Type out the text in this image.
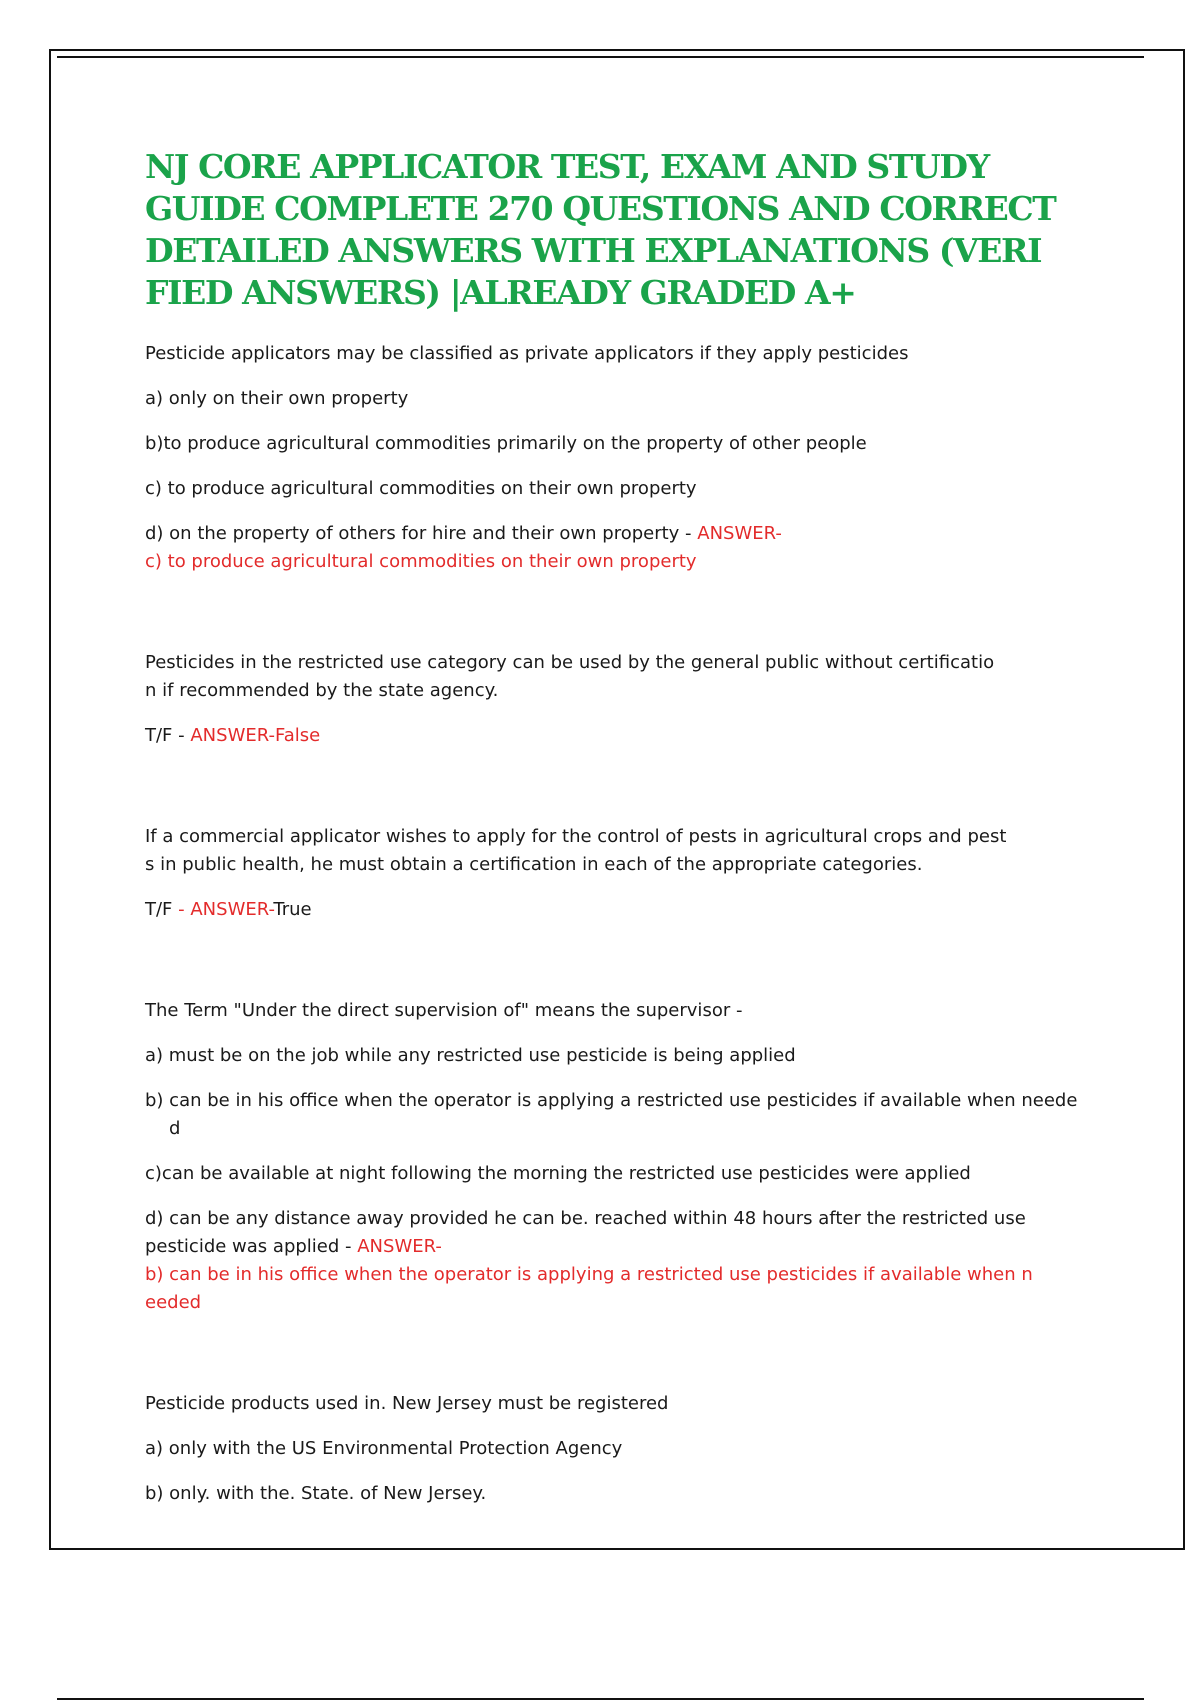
NJ CORE APPLICATOR TEST, EXAM AND STUDY
GUIDE COMPLETE 270 QUESTIONS AND CORRECT
DETAILED ANSWERS WITH EXPLANATIONS (VERI
FIED ANSWERS) |ALREADY GRADED A+

Pesticide applicators may be classified as private applicators if they apply pesticides

a) only on their own property

b)to produce agricultural commodities primarily on the property of other people

c) to produce agricultural commodities on their own property

d) on the property of others for hire and their own property - ANSWER-

c) to produce agricultural commodities on their own property

Pesticides in the restricted use category can be used by the general public without certificatio

n if recommended by the state agency.

T/F - ANSWER-False

If a commercial applicator wishes to apply for the control of pests in agricultural crops and pest

s in public health, he must obtain a certification in each of the appropriate categories.

T/F - ANSWER-True

The Term "Under the direct supervision of" means the supervisor -

a) must be on the job while any restricted use pesticide is being applied

b) can be in his office when the operator is applying a restricted use pesticides if available when neede

d

c)can be available at night following the morning the restricted use pesticides were applied

d) can be any distance away provided he can be. reached within 48 hours after the restricted use

pesticide was applied - ANSWER-

b) can be in his office when the operator is applying a restricted use pesticides if available when n

eeded

Pesticide products used in. New Jersey must be registered

a) only with the US Environmental Protection Agency

b) only. with the. State. of New Jersey.
